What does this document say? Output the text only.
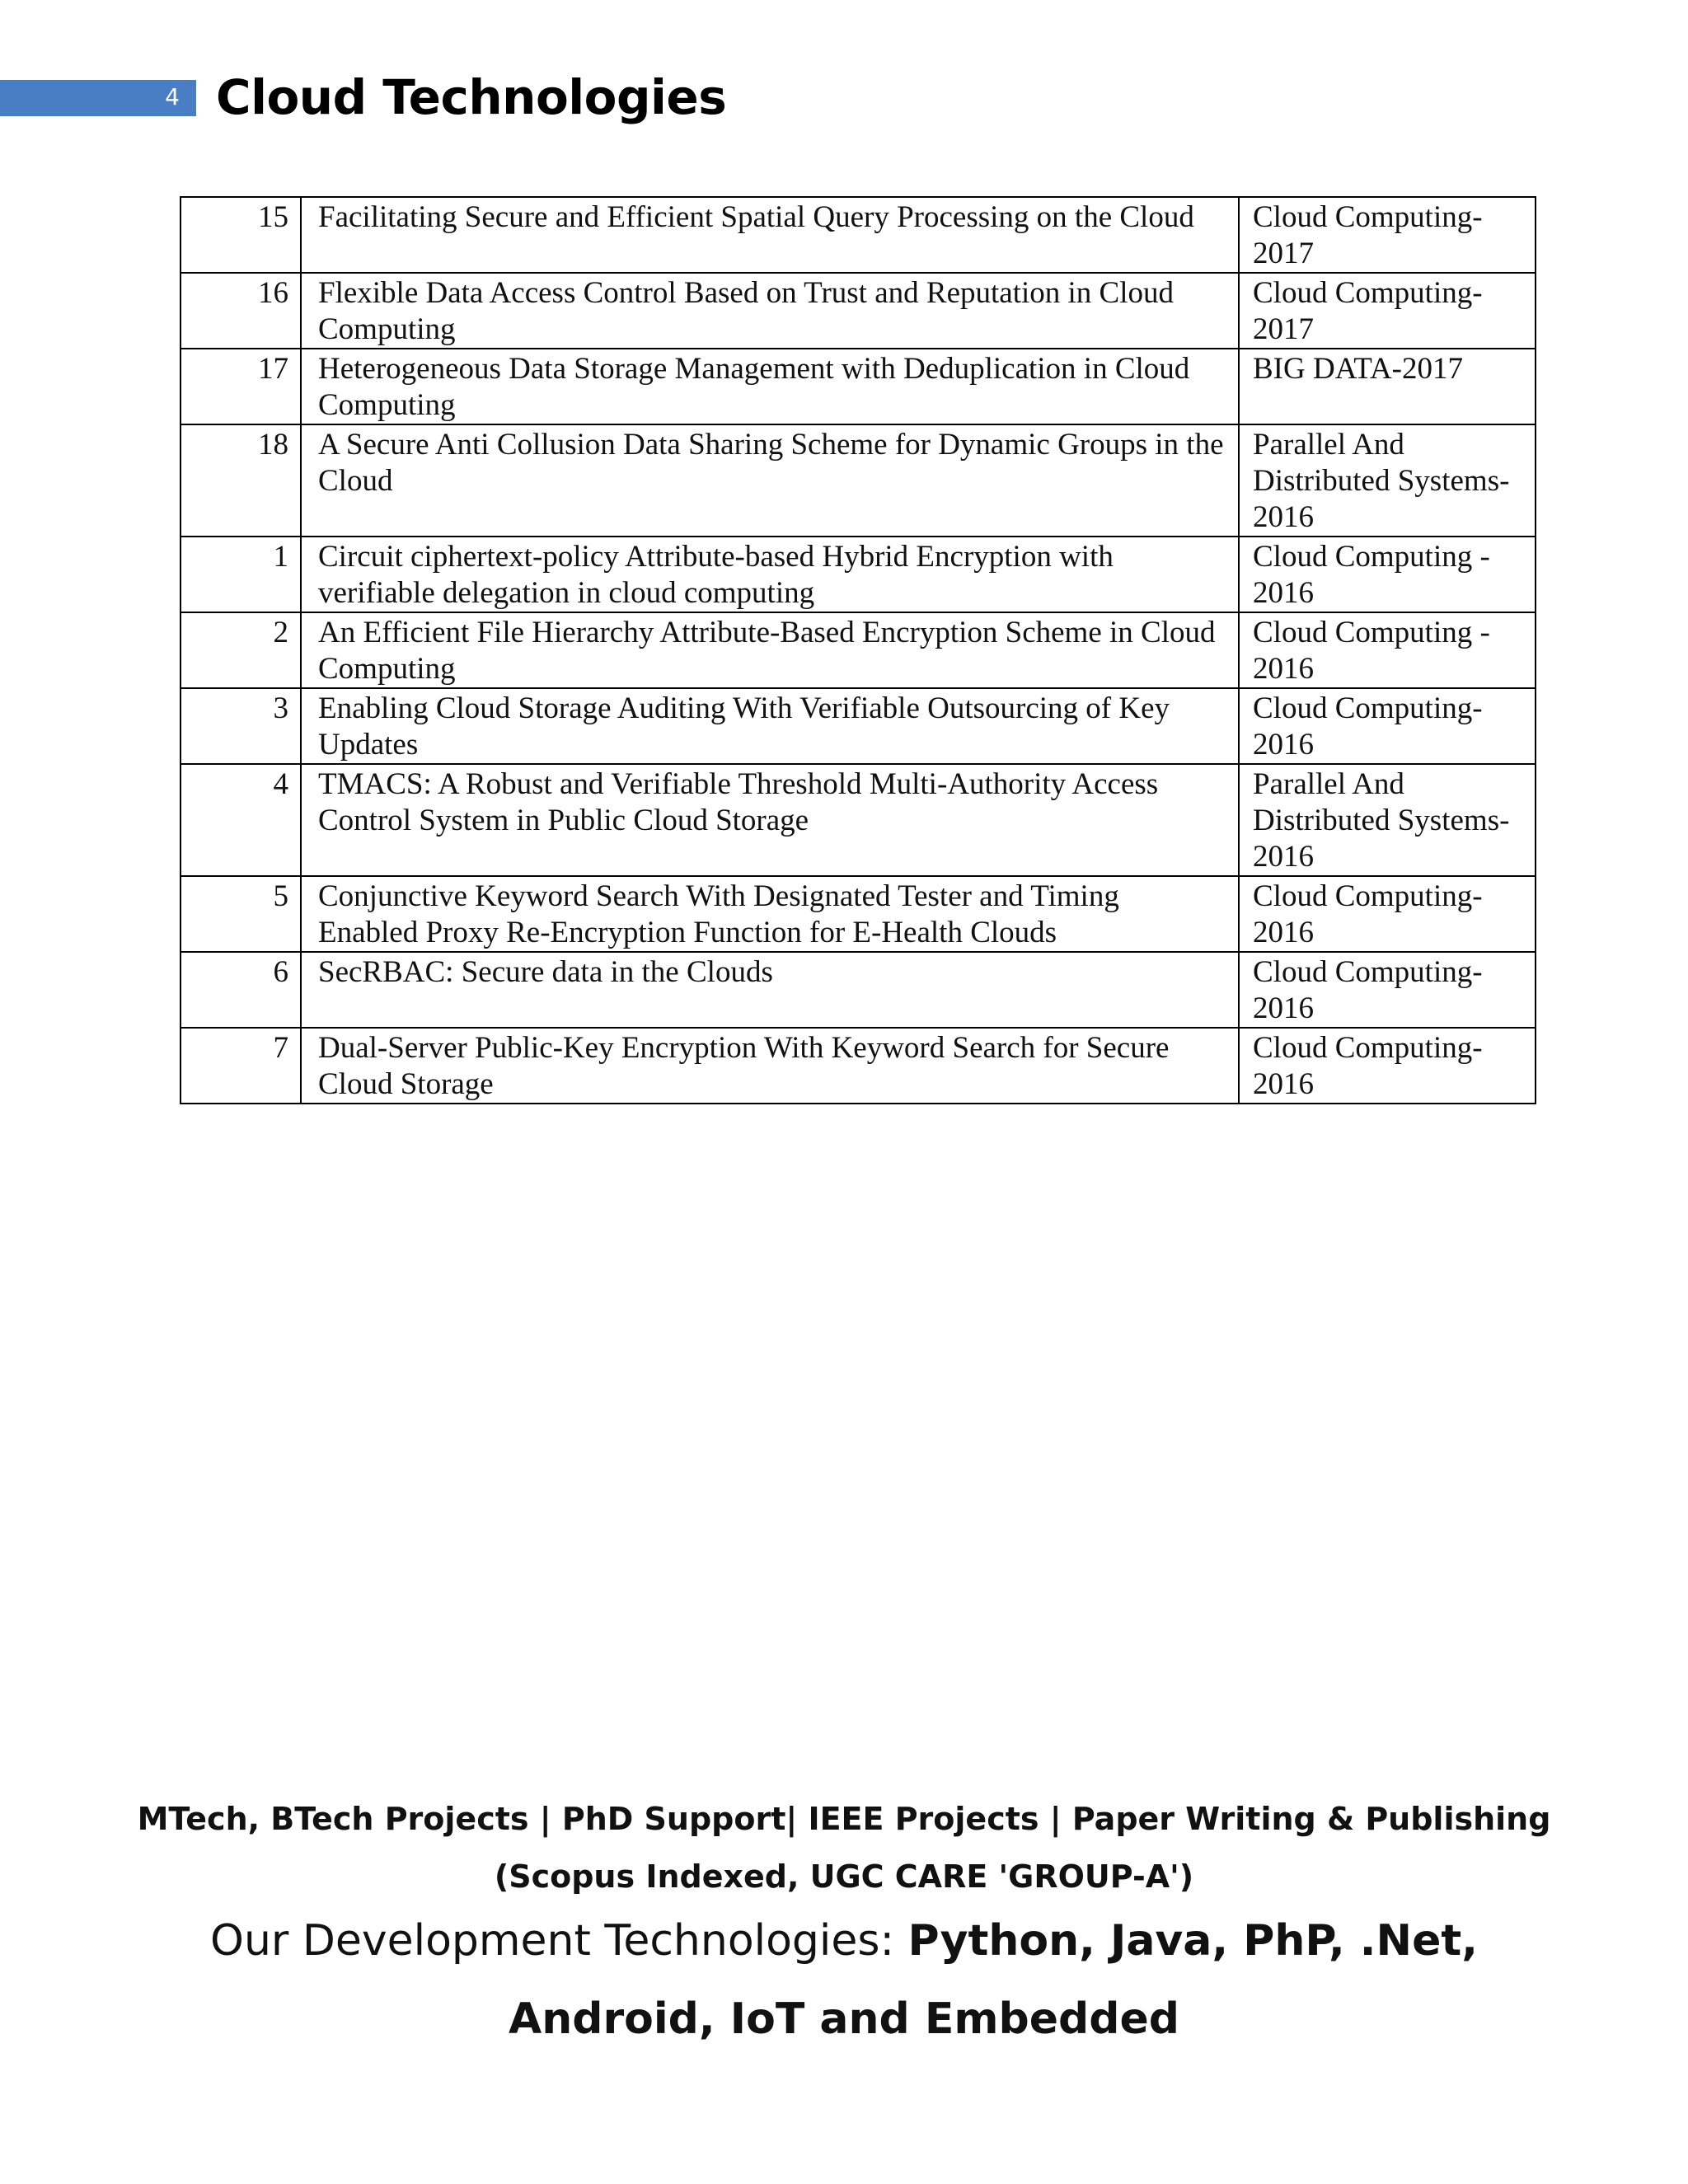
4 Cloud Technologies
15	Facilitating Secure and Efficient Spatial Query Processing on the Cloud	Cloud Computing-2017
16	Flexible Data Access Control Based on Trust and Reputation in Cloud Computing	Cloud Computing-2017
17	Heterogeneous Data Storage Management with Deduplication in Cloud Computing	BIG DATA-2017
18	A Secure Anti Collusion Data Sharing Scheme for Dynamic Groups in the Cloud	Parallel And Distributed Systems-2016
1	Circuit ciphertext-policy Attribute-based Hybrid Encryption with verifiable delegation in cloud computing	Cloud Computing - 2016
2	An Efficient File Hierarchy Attribute-Based Encryption Scheme in Cloud Computing	Cloud Computing - 2016
3	Enabling Cloud Storage Auditing With Verifiable Outsourcing of Key Updates	Cloud Computing-2016
4	TMACS: A Robust and Verifiable Threshold Multi-Authority Access Control System in Public Cloud Storage	Parallel And Distributed Systems-2016
5	Conjunctive Keyword Search With Designated Tester and Timing Enabled Proxy Re-Encryption Function for E-Health Clouds	Cloud Computing-2016
6	SecRBAC: Secure data in the Clouds	Cloud Computing-2016
7	Dual-Server Public-Key Encryption With Keyword Search for Secure Cloud Storage	Cloud Computing-2016
MTech, BTech Projects | PhD Support| IEEE Projects | Paper Writing & Publishing
(Scopus Indexed, UGC CARE 'GROUP-A')
Our Development Technologies: Python, Java, PhP, .Net,
Android, IoT and Embedded
